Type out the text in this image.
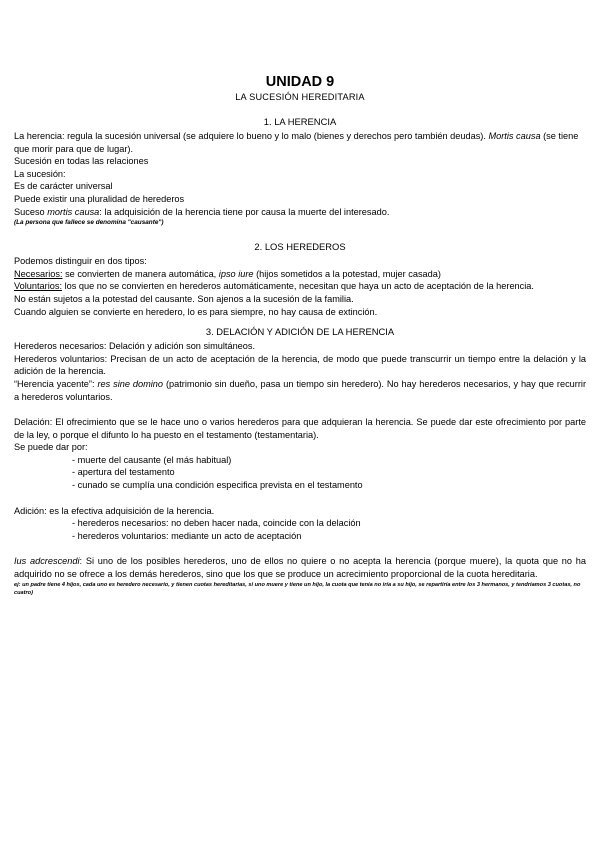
UNIDAD 9
LA SUCESIÓN HEREDITARIA
1. LA HERENCIA

La herencia: regula la sucesión universal (se adquiere lo bueno y lo malo (bienes y derechos pero también deudas). Mortis causa (se tiene que morir para que de lugar).

Sucesión en todas las relaciones

La sucesión:

Es de carácter universal

Puede existir una pluralidad de herederos

Suceso mortis causa: la adquisición de la herencia tiene por causa la muerte del interesado.

(La persona que fallece se denomina "causante")

2. LOS HEREDEROS

Podemos distinguir en dos tipos:

Necesarios: se convierten de manera automática, ipso iure (hijos sometidos a la potestad, mujer casada)

Voluntarios: los que no se convierten en herederos automáticamente, necesitan que haya un acto de aceptación de la herencia.

No están sujetos a la potestad del causante. Son ajenos a la sucesión de la familia.

Cuando alguien se convierte en heredero, lo es para siempre, no hay causa de extinción.

3. DELACIÓN Y ADICIÓN DE LA HERENCIA

Herederos necesarios: Delación y adición son simultáneos.

Herederos voluntarios: Precisan de un acto de aceptación de la herencia, de modo que puede transcurrir un tiempo entre la delación y la adición de la herencia.

“Herencia yacente”: res sine domino (patrimonio sin dueño, pasa un tiempo sin heredero). No hay herederos necesarios, y hay que recurrir a herederos voluntarios.

Delación: El ofrecimiento que se le hace uno o varios herederos para que adquieran la herencia. Se puede dar este ofrecimiento por parte de la ley, o porque el difunto lo ha puesto en el testamento (testamentaria).

Se puede dar por:

- muerte del causante (el más habitual)

- apertura del testamento

- cunado se cumplía una condición especifica prevista en el testamento

Adición: es la efectiva adquisición de la herencia.

- herederos necesarios: no deben hacer nada, coincide con la delación

- herederos voluntarios: mediante un acto de aceptación

Ius adcrescendi: Si uno de los posibles herederos, uno de ellos no quiere o no acepta la herencia (porque muere), la quota que no ha adquirido no se ofrece a los demás herederos, sino que los que se produce un acrecimiento proporcional de la cuota hereditaria.

ej: un padre tiene 4 hijos, cada uno es heredero necesario, y tienen cuotas hereditarias, si uno muere y tiene un hijo, la cuota que tenía no iría a su hijo, se repartiría entre los 3 hermanos, y tendríamos 3 cuotas, no cuatro)
